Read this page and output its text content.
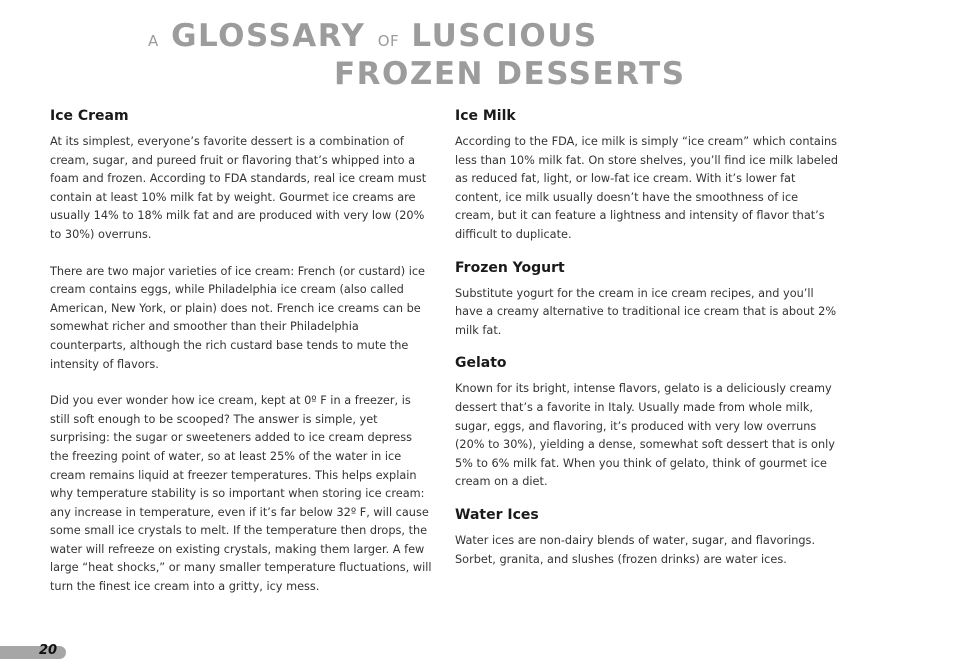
A GLOSSARY OF LUSCIOUS
FROZEN DESSERTS
Ice Cream

At its simplest, everyone’s favorite dessert is a combination of cream, sugar, and pureed fruit or flavoring that’s whipped into a foam and frozen. According to FDA standards, real ice cream must contain at least 10% milk fat by weight. Gourmet ice creams are usually 14% to 18% milk fat and are produced with very low (20% to 30%) overruns.

There are two major varieties of ice cream: French (or custard) ice cream contains eggs, while Philadelphia ice cream (also called American, New York, or plain) does not. French ice creams can be somewhat richer and smoother than their Philadelphia counterparts, although the rich custard base tends to mute the intensity of flavors.

Did you ever wonder how ice cream, kept at 0º F in a freezer, is still soft enough to be scooped? The answer is simple, yet surprising: the sugar or sweeteners added to ice cream depress the freezing point of water, so at least 25% of the water in ice cream remains liquid at freezer temperatures. This helps explain why temperature stability is so important when storing ice cream: any increase in temperature, even if it’s far below 32º F, will cause some small ice crystals to melt. If the temperature then drops, the water will refreeze on existing crystals, making them larger. A few large “heat shocks,” or many smaller temperature fluctuations, will turn the finest ice cream into a gritty, icy mess.

Ice Milk

According to the FDA, ice milk is simply “ice cream” which contains less than 10% milk fat. On store shelves, you’ll find ice milk labeled as reduced fat, light, or low-fat ice cream. With it’s lower fat content, ice milk usually doesn’t have the smoothness of ice cream, but it can feature a lightness and intensity of flavor that’s difficult to duplicate.

Frozen Yogurt

Substitute yogurt for the cream in ice cream recipes, and you’ll have a creamy alternative to traditional ice cream that is about 2% milk fat.

Gelato

Known for its bright, intense flavors, gelato is a deliciously creamy dessert that’s a favorite in Italy. Usually made from whole milk, sugar, eggs, and flavoring, it’s produced with very low overruns (20% to 30%), yielding a dense, somewhat soft dessert that is only 5% to 6% milk fat. When you think of gelato, think of gourmet ice cream on a diet.

Water Ices

Water ices are non-dairy blends of water, sugar, and flavorings. Sorbet, granita, and slushes (frozen drinks) are water ices.

20
